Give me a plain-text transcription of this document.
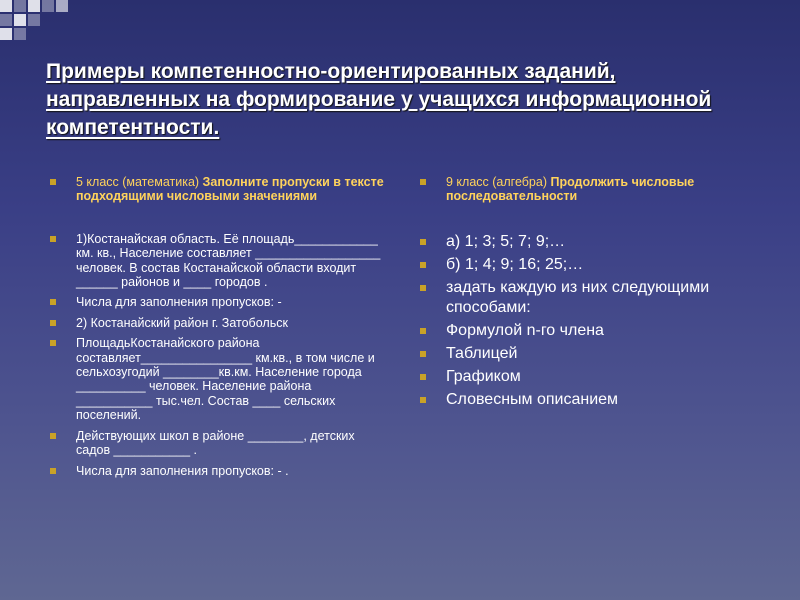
Примеры компетенностно-ориентированных заданий, направленных на формирование у учащихся информационной компетентности.
5 класс (математика) Заполните пропуски в тексте подходящими числовыми значениями
1)Костанайская область. Её площадь____________ км. кв., Население составляет __________________ человек. В состав Костанайской области входит ______ районов и ____ городов .
Числа для заполнения пропусков: -
2) Костанайский район г. Затобольск
ПлощадьКостанайского района составляет________________ км.кв., в том числе и сельхозугодий ________кв.км. Население города __________ человек. Население района ___________ тыс.чел. Состав ____ сельских поселений.
Действующих школ в районе ________, детских садов ___________ .
Числа для заполнения пропусков: - .
9 класс (алгебра) Продолжить числовые последовательности
а) 1; 3; 5; 7; 9;…
б) 1; 4; 9; 16; 25;…
задать каждую из них следующими способами:
Формулой n-го члена
Таблицей
Графиком
Словесным описанием
